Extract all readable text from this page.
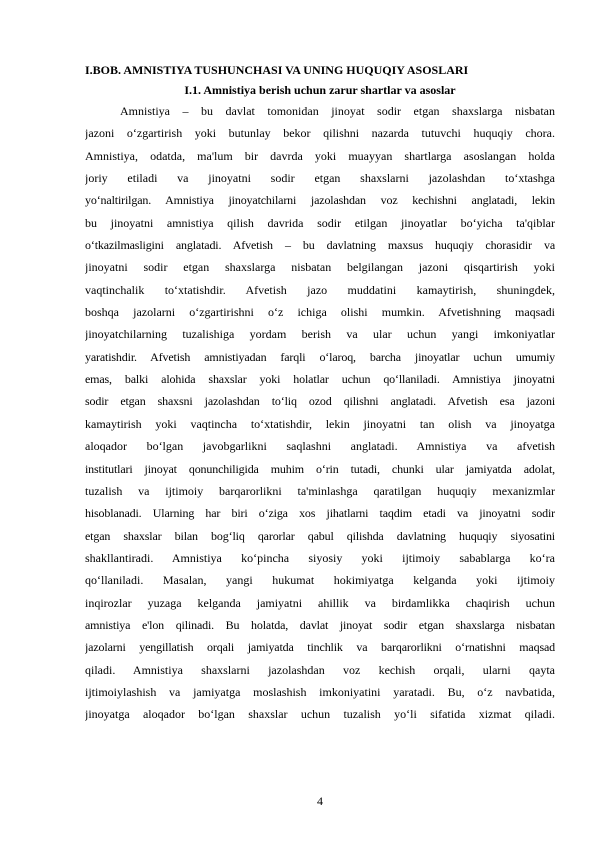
I.BOB. AMNISTIYA TUSHUNCHASI VA UNING HUQUQIY ASOSLARI
I.1. Amnistiya berish uchun zarur shartlar va asoslar
Amnistiya – bu davlat tomonidan jinoyat sodir etgan shaxslarga nisbatan
jazoni o‘zgartirish yoki butunlay bekor qilishni nazarda tutuvchi huquqiy chora.
Amnistiya, odatda, ma'lum bir davrda yoki muayyan shartlarga asoslangan holda
joriy etiladi va jinoyatni sodir etgan shaxslarni jazolashdan to‘xtashga
yo‘naltirilgan. Amnistiya jinoyatchilarni jazolashdan voz kechishni anglatadi, lekin
bu jinoyatni amnistiya qilish davrida sodir etilgan jinoyatlar bo‘yicha ta'qiblar
o‘tkazilmasligini anglatadi. Afvetish – bu davlatning maxsus huquqiy chorasidir va
jinoyatni sodir etgan shaxslarga nisbatan belgilangan jazoni qisqartirish yoki
vaqtinchalik to‘xtatishdir. Afvetish jazo muddatini kamaytirish, shuningdek,
boshqa jazolarni o‘zgartirishni o‘z ichiga olishi mumkin. Afvetishning maqsadi
jinoyatchilarning tuzalishiga yordam berish va ular uchun yangi imkoniyatlar
yaratishdir. Afvetish amnistiyadan farqli o‘laroq, barcha jinoyatlar uchun umumiy
emas, balki alohida shaxslar yoki holatlar uchun qo‘llaniladi. Amnistiya jinoyatni
sodir etgan shaxsni jazolashdan to‘liq ozod qilishni anglatadi. Afvetish esa jazoni
kamaytirish yoki vaqtincha to‘xtatishdir, lekin jinoyatni tan olish va jinoyatga
aloqador bo‘lgan javobgarlikni saqlashni anglatadi. Amnistiya va afvetish
institutlari jinoyat qonunchiligida muhim o‘rin tutadi, chunki ular jamiyatda adolat,
tuzalish va ijtimoiy barqarorlikni ta'minlashga qaratilgan huquqiy mexanizmlar
hisoblanadi. Ularning har biri o‘ziga xos jihatlarni taqdim etadi va jinoyatni sodir
etgan shaxslar bilan bog‘liq qarorlar qabul qilishda davlatning huquqiy siyosatini
shakllantiradi. Amnistiya ko‘pincha siyosiy yoki ijtimoiy sabablarga ko‘ra
qo‘llaniladi. Masalan, yangi hukumat hokimiyatga kelganda yoki ijtimoiy
inqirozlar yuzaga kelganda jamiyatni ahillik va birdamlikka chaqirish uchun
amnistiya e'lon qilinadi. Bu holatda, davlat jinoyat sodir etgan shaxslarga nisbatan
jazolarni yengillatish orqali jamiyatda tinchlik va barqarorlikni o‘rnatishni maqsad
qiladi. Amnistiya shaxslarni jazolashdan voz kechish orqali, ularni qayta
ijtimoiylashish va jamiyatga moslashish imkoniyatini yaratadi. Bu, o‘z navbatida,
jinoyatga aloqador bo‘lgan shaxslar uchun tuzalish yo‘li sifatida xizmat qiladi.
4
